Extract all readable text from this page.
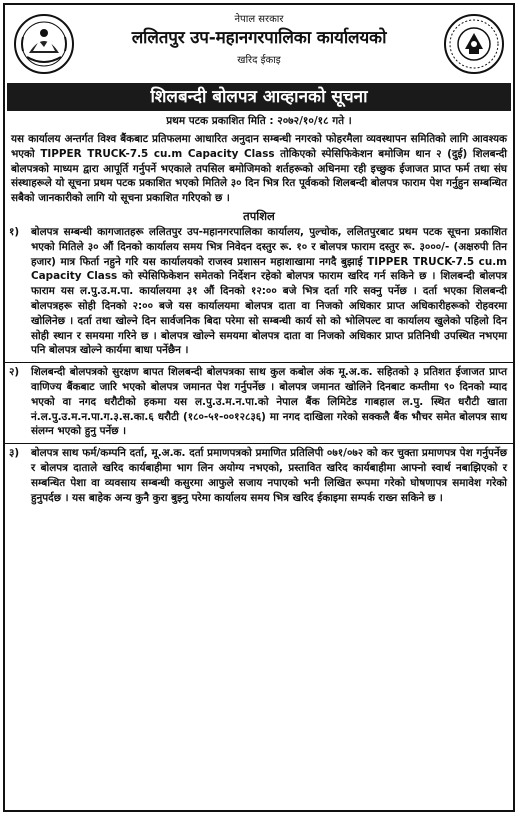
नेपाल सरकार
ललितपुर उप-महानगरपालिका कार्यालयको
खरिद ईकाइ
शिलबन्दी बोलपत्र आव्हानको सूचना
प्रथम पटक प्रकाशित मिति : २०७२/१०/१८ गते ।
यस कार्यालय अन्तर्गत विश्व बैंकबाट प्रतिफलमा आधारित अनुदान सम्बन्धी नगरको फोहरमैला व्यवस्थापन समितिको लागि आवश्यक भएको TIPPER TRUCK-7.5 cu.m Capacity Class तोकिएको स्पेसिफिकेशन बमोजिम थान २ (दुई) शिलबन्दी बोलपत्रको माध्यम द्वारा आपूर्ति गर्नुपर्ने भएकाले तपसिल बमोजिमको शर्तहरूको अधिनमा रही इच्छुक ईजाजत प्राप्त फर्म तथा संघ संस्थाहरूले यो सूचना प्रथम पटक प्रकाशित भएको मितिले ३० दिन भित्र रित पूर्वकको शिलबन्दी बोलपत्र फाराम पेश गर्नुहुन सम्बन्धित सबैको जानकारीको लागि यो सूचना प्रकाशित गरिएको छ ।
तपशिल
१)	बोलपत्र सम्बन्धी कागजातहरू ललितपुर उप-महानगरपालिका कार्यालय, पुल्चोक, ललितपुरबाट प्रथम पटक सूचना प्रकाशित भएको मितिले ३० औं दिनको कार्यालय समय भित्र निवेदन दस्तुर रू. १० र बोलपत्र फाराम दस्तुर रू. ३०००/- (अक्षरुपी तिन हजार) मात्र फिर्ता नहुने गरि यस कार्यालयको राजस्व प्रशासन महाशाखामा नगदै बुझाई TIPPER TRUCK-7.5 cu.m Capacity Class को स्पेसिफिकेशन समेतको निर्देशन रहेको बोलपत्र फाराम खरिद गर्न सकिने छ । शिलबन्दी बोलपत्र फाराम यस ल.पु.उ.म.पा. कार्यालयमा ३१ औं दिनको १२:०० बजे भित्र दर्ता गरि सक्नु पर्नेछ । दर्ता भएका शिलबन्दी बोलपत्रहरू सोही दिनको २:०० बजे यस कार्यालयमा बोलपत्र दाता वा निजको अधिकार प्राप्त अधिकारीहरूको रोहवरमा खोलिनेछ । दर्ता तथा खोल्ने दिन सार्वजनिक बिदा परेमा सो सम्बन्धी कार्य सो को भोलिपल्ट वा कार्यालय खुलेको पहिलो दिन सोही स्थान र समयमा गरिने छ । बोलपत्र खोल्ने समयमा बोलपत्र दाता वा निजको अधिकार प्राप्त प्रतिनिधी उपस्थित नभएमा पनि बोलपत्र खोल्ने कार्यमा बाधा पर्नेछैन ।
२)	शिलबन्दी बोलपत्रको सुरक्षण बापत शिलबन्दी बोलपत्रका साथ कुल कबोल अंक मू.अ.क. सहितको ३ प्रतिशत ईजाजत प्राप्त वाणिज्य बैंकबाट जारि भएको बोलपत्र जमानत पेश गर्नुपर्नेछ । बोलपत्र जमानत खोलिने दिनबाट कम्तीमा ९० दिनको म्याद भएको वा नगद धरौटीको हकमा यस ल.पु.उ.म.न.पा.को नेपाल बैंक लिमिटेड गाबहाल ल.पु. स्थित धरौटी खाता नं.ल.पु.उ.म.न.पा.ग.३.स.का.६ धरौटी (१८०-५१-००१२८३६) मा नगद दाखिला गरेको सक्कलै बैंक भौचर समेत बोलपत्र साथ संलग्न भएको हुनु पर्नेछ ।
३)	बोलपत्र साथ फर्म/कम्पनि दर्ता, मू.अ.क. दर्ता प्रमाणपत्रको प्रमाणित प्रतिलिपी ०७१/०७२ को कर चुक्ता प्रमाणपत्र पेश गर्नुपर्नेछ र बोलपत्र दाताले खरिद कार्यबाहीमा भाग लिन अयोग्य नभएको, प्रस्तावित खरिद कार्यबाहीमा आफ्नो स्वार्थ नबाझिएको र सम्बन्धित पेशा वा व्यवसाय सम्बन्धी कसुरमा आफुले सजाय नपाएको भनी लिखित रूपमा गरेको घोषणापत्र समावेश गरेको हुनुपर्दछ । यस बाहेक अन्य कुनै कुरा बुझ्नु परेमा कार्यालय समय भित्र खरिद ईकाइमा सम्पर्क राख्न सकिने छ ।
